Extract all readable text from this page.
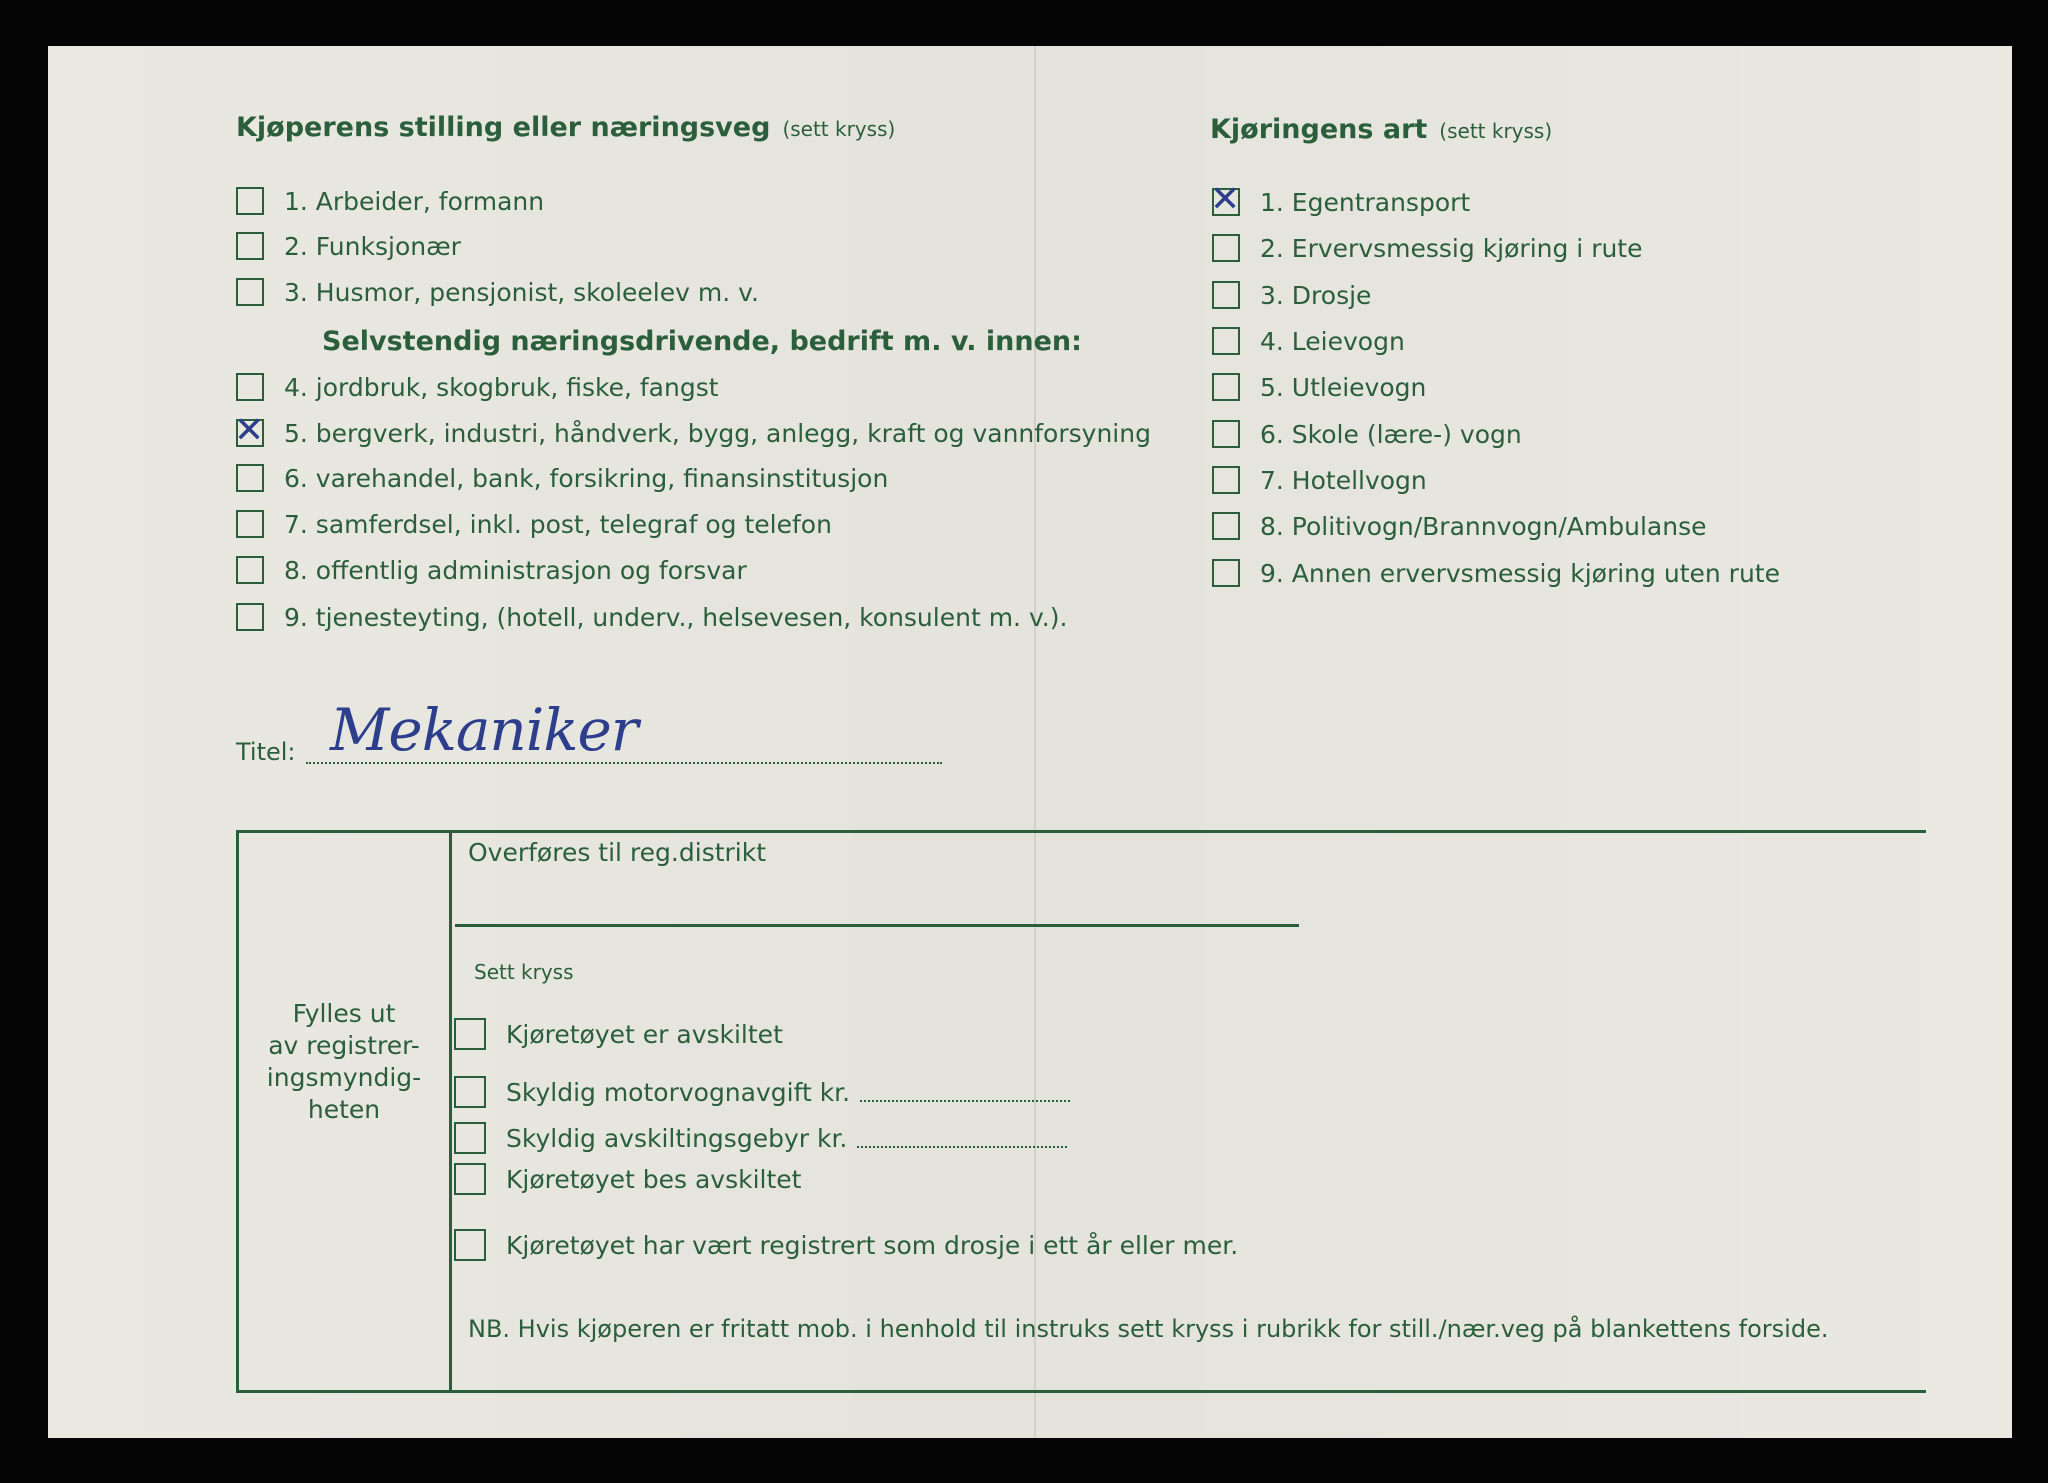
Kjøperens stilling eller næringsveg (sett kryss)
1. Arbeider, formann
2. Funksjonær
3. Husmor, pensjonist, skoleelev m. v.
Selvstendig næringsdrivende, bedrift m. v. innen:
4. jordbruk, skogbruk, fiske, fangst
✕ 5. bergverk, industri, håndverk, bygg, anlegg, kraft og vannforsyning
6. varehandel, bank, forsikring, finansinstitusjon
7. samferdsel, inkl. post, telegraf og telefon
8. offentlig administrasjon og forsvar
9. tjenesteyting, (hotell, underv., helsevesen, konsulent m. v.).
Kjøringens art (sett kryss)
✕ 1. Egentransport
2. Ervervsmessig kjøring i rute
3. Drosje
4. Leievogn
5. Utleievogn
6. Skole (lære-) vogn
7. Hotellvogn
8. Politivogn/Brannvogn/Ambulanse
9. Annen ervervsmessig kjøring uten rute
Titel: Mekaniker
Fylles ut
av registrer-
ingsmyndig-
heten
Overføres til reg.distrikt
Sett kryss
Kjøretøyet er avskiltet
Skyldig motorvognavgift kr.
Skyldig avskiltingsgebyr kr.
Kjøretøyet bes avskiltet
Kjøretøyet har vært registrert som drosje i ett år eller mer.
NB. Hvis kjøperen er fritatt mob. i henhold til instruks sett kryss i rubrikk for still./nær.veg på blankettens forside.
